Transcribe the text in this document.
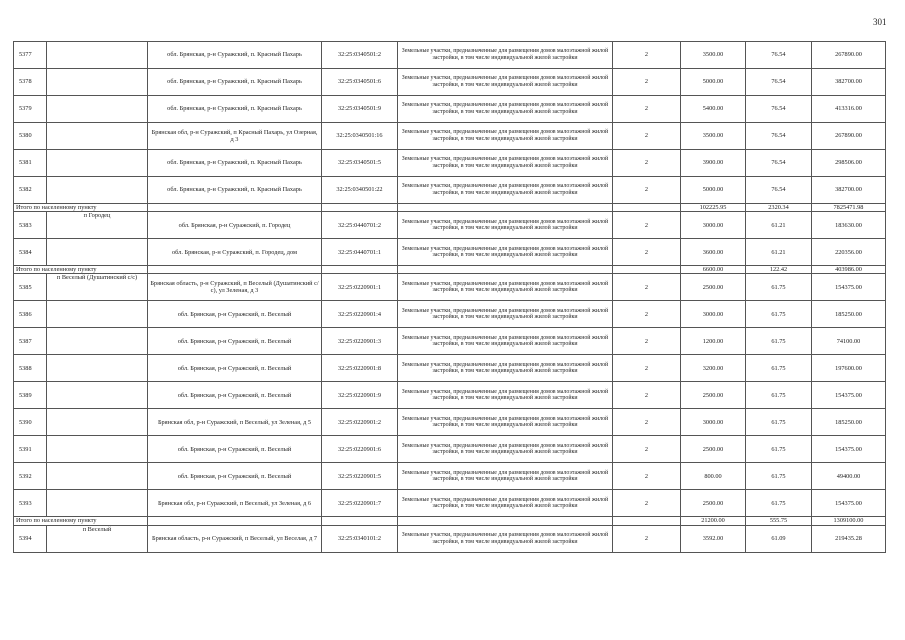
301
5377		обл. Брянская, р-н Суражский, п. Красный Пахарь	32:25:0340501:2	Земельные участки, предназначенные для размещения домов малоэтажной жилой застройки, в том числе индивидуальной жилой застройки	2	3500.00	76.54	267890.00
5378		обл. Брянская, р-н Суражский, п. Красный Пахарь	32:25:0340501:6	Земельные участки, предназначенные для размещения домов малоэтажной жилой застройки, в том числе индивидуальной жилой застройки	2	5000.00	76.54	382700.00
5379		обл. Брянская, р-н Суражский, п. Красный Пахарь	32:25:0340501:9	Земельные участки, предназначенные для размещения домов малоэтажной жилой застройки, в том числе индивидуальной жилой застройки	2	5400.00	76.54	413316.00
5380		Брянская обл, р-н Суражский, п Красный Пахарь, ул Озерная, д 3	32:25:0340501:16	Земельные участки, предназначенные для размещения домов малоэтажной жилой застройки, в том числе индивидуальной жилой застройки	2	3500.00	76.54	267890.00
5381		обл. Брянская, р-н Суражский, п. Красный Пахарь	32:25:0340501:5	Земельные участки, предназначенные для размещения домов малоэтажной жилой застройки, в том числе индивидуальной жилой застройки	2	3900.00	76.54	298506.00
5382		обл. Брянская, р-н Суражский, п. Красный Пахарь	32:25:0340501:22	Земельные участки, предназначенные для размещения домов малоэтажной жилой застройки, в том числе индивидуальной жилой застройки	2	5000.00	76.54	382700.00
Итого по населенному пункту						102225.95	2320.34	7825471.98
5383	п Городец	обл. Брянская, р-н Суражский, п. Городец	32:25:0440701:2	Земельные участки, предназначенные для размещения домов малоэтажной жилой застройки, в том числе индивидуальной жилой застройки	2	3000.00	61.21	183630.00
5384		обл. Брянская, р-н Суражский, п. Городец, дом	32:25:0440701:1	Земельные участки, предназначенные для размещения домов малоэтажной жилой застройки, в том числе индивидуальной жилой застройки	2	3600.00	61.21	220356.00
Итого по населенному пункту						6600.00	122.42	403986.00
5385	п Веселый (Душатинский с/с)	Брянская область, р-н Суражский, п Веселый (Душатинский с/с), ул Зеленая, д 3	32:25:0220901:1	Земельные участки, предназначенные для размещения домов малоэтажной жилой застройки, в том числе индивидуальной жилой застройки	2	2500.00	61.75	154375.00
5386		обл. Брянская, р-н Суражский, п. Веселый	32:25:0220901:4	Земельные участки, предназначенные для размещения домов малоэтажной жилой застройки, в том числе индивидуальной жилой застройки	2	3000.00	61.75	185250.00
5387		обл. Брянская, р-н Суражский, п. Веселый	32:25:0220901:3	Земельные участки, предназначенные для размещения домов малоэтажной жилой застройки, в том числе индивидуальной жилой застройки	2	1200.00	61.75	74100.00
5388		обл. Брянская, р-н Суражский, п. Веселый	32:25:0220901:8	Земельные участки, предназначенные для размещения домов малоэтажной жилой застройки, в том числе индивидуальной жилой застройки	2	3200.00	61.75	197600.00
5389		обл. Брянская, р-н Суражский, п. Веселый	32:25:0220901:9	Земельные участки, предназначенные для размещения домов малоэтажной жилой застройки, в том числе индивидуальной жилой застройки	2	2500.00	61.75	154375.00
5390		Брянская обл, р-н Суражский, п Веселый, ул Зеленая, д 5	32:25:0220901:2	Земельные участки, предназначенные для размещения домов малоэтажной жилой застройки, в том числе индивидуальной жилой застройки	2	3000.00	61.75	185250.00
5391		обл. Брянская, р-н Суражский, п. Веселый	32:25:0220901:6	Земельные участки, предназначенные для размещения домов малоэтажной жилой застройки, в том числе индивидуальной жилой застройки	2	2500.00	61.75	154375.00
5392		обл. Брянская, р-н Суражский, п. Веселый	32:25:0220901:5	Земельные участки, предназначенные для размещения домов малоэтажной жилой застройки, в том числе индивидуальной жилой застройки	2	800.00	61.75	49400.00
5393		Брянская обл, р-н Суражский, п Веселый, ул Зеленая, д 6	32:25:0220901:7	Земельные участки, предназначенные для размещения домов малоэтажной жилой застройки, в том числе индивидуальной жилой застройки	2	2500.00	61.75	154375.00
Итого по населенному пункту						21200.00	555.75	1309100.00
5394	п Веселый	Брянская область, р-н Суражский, п Веселый, ул Веселая, д 7	32:25:0340101:2	Земельные участки, предназначенные для размещения домов малоэтажной жилой застройки, в том числе индивидуальной жилой застройки	2	3592.00	61.09	219435.28
